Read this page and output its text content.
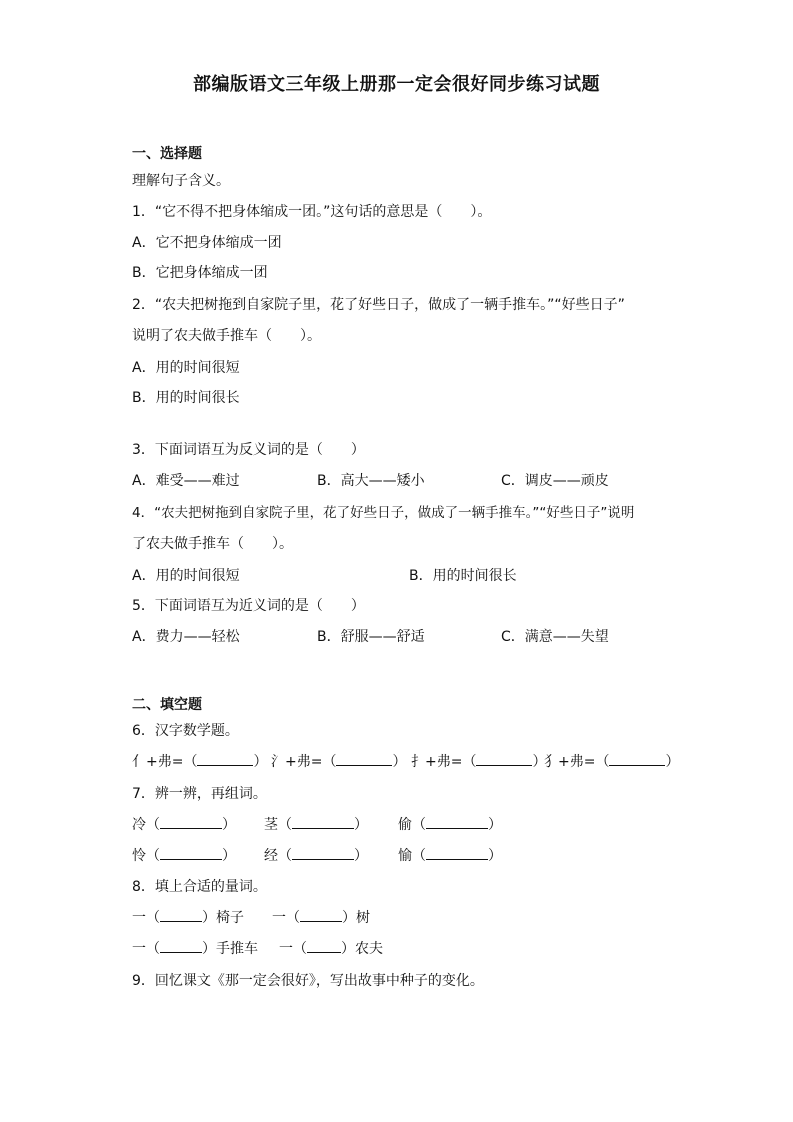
部编版语文三年级上册那一定会很好同步练习试题
一、选择题
理解句子含义。
1．“它不得不把身体缩成一团。”这句话的意思是（　　）。
A．它不把身体缩成一团
B．它把身体缩成一团
2．“农夫把树拖到自家院子里，花了好些日子，做成了一辆手推车。”“好些日子”
说明了农夫做手推车（　　）。
A．用的时间很短
B．用的时间很长
3．下面词语互为反义词的是（　　）
A．难受——难过	B．高大——矮小	C．调皮——顽皮
4．“农夫把树拖到自家院子里，花了好些日子，做成了一辆手推车。”“好些日子”说明
了农夫做手推车（　　）。
A．用的时间很短	B．用的时间很长
5．下面词语互为近义词的是（　　）
A．费力——轻松	B．舒服——舒适	C．满意——失望
二、填空题
6．汉字数学题。
亻+弗=（	） 氵+弗=（	） 扌+弗=（	）
犭+弗=（	）
7．辨一辨，再组词。
冷（	） 茎（	） 偷（	）
怜（	） 经（	） 愉（	）
8．填上合适的量词。
一（	）椅子 一（	）树
一（	）手推车 一（ ）农夫
9．回忆课文《那一定会很好》，写出故事中种子的变化。
